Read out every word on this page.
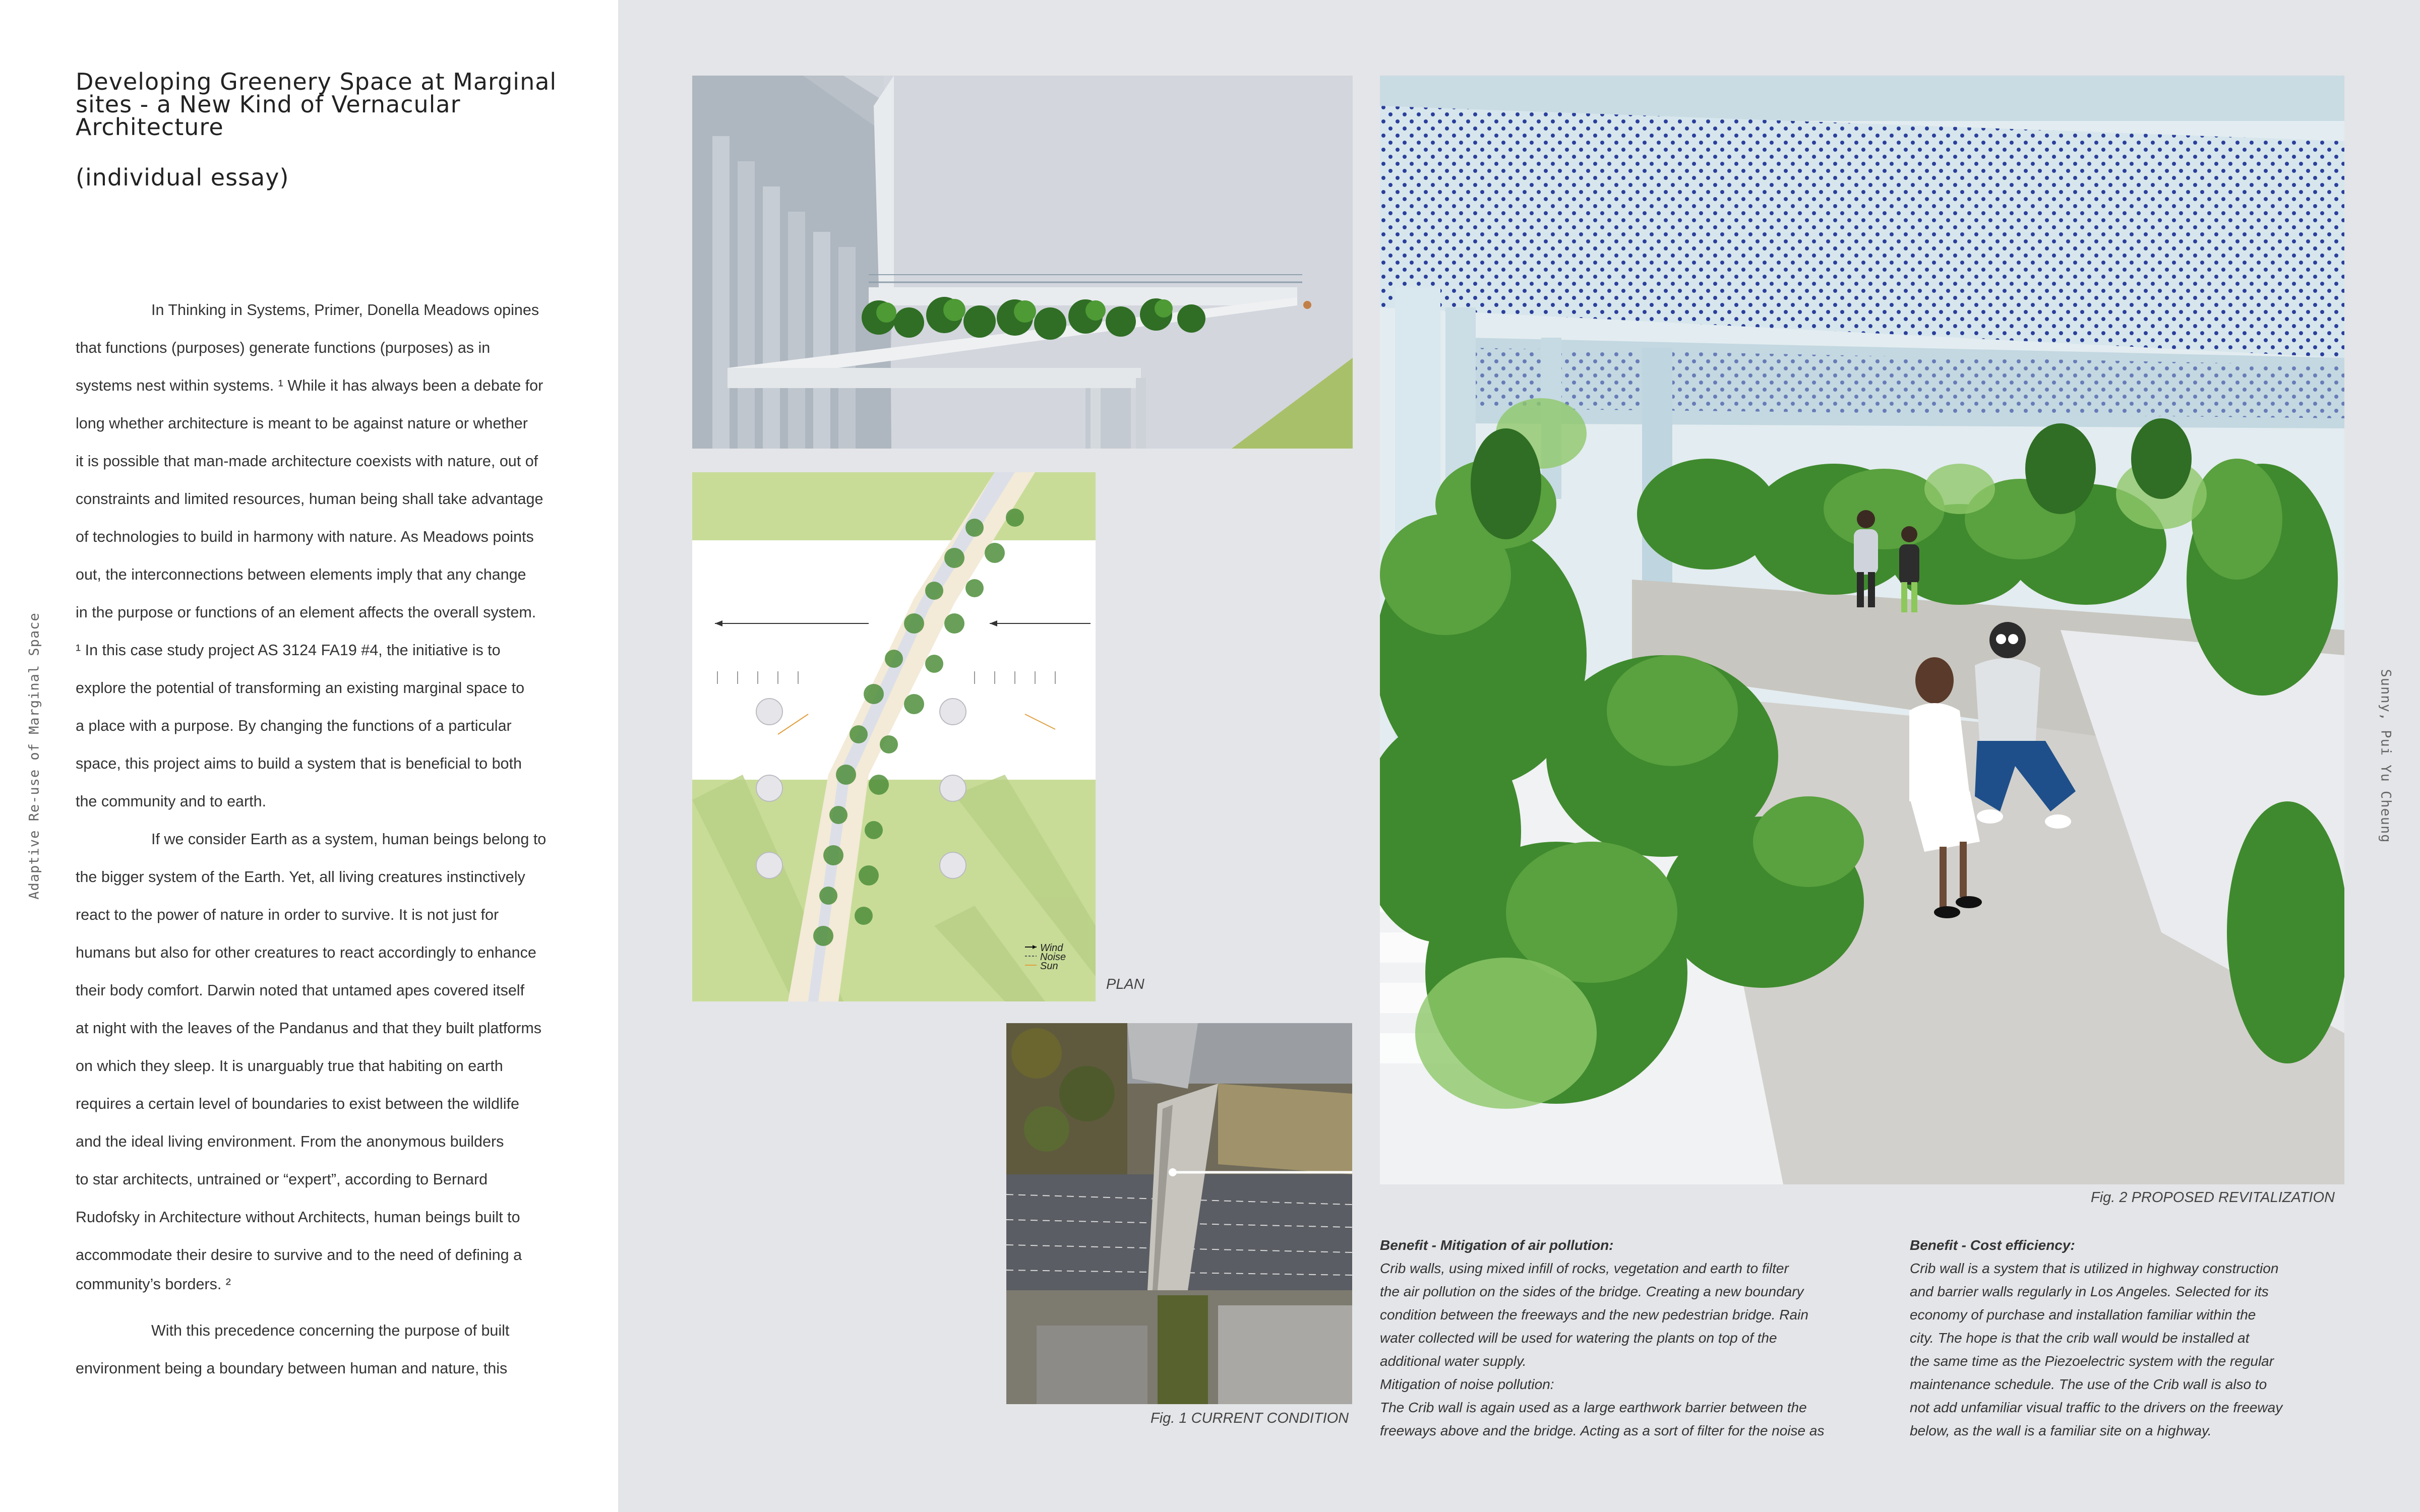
Adaptive Re-use of Marginal Space	Sunny, Pui Yu Cheung
Developing Greenery Space at Marginal
sites - a New Kind of Vernacular
Architecture
(individual essay)

In Thinking in Systems, Primer, Donella Meadows opines
that functions (purposes) generate functions (purposes) as in
systems nest within systems. ¹ While it has always been a debate for
long whether architecture is meant to be against nature or whether
it is possible that man-made architecture coexists with nature, out of
constraints and limited resources, human being shall take advantage
of technologies to build in harmony with nature. As Meadows points
out, the interconnections between elements imply that any change
in the purpose or functions of an element affects the overall system.
¹ In this case study project AS 3124 FA19 #4, the initiative is to
explore the potential of transforming an existing marginal space to
a place with a purpose. By changing the functions of a particular
space, this project aims to build a system that is beneficial to both
the community and to earth.

If we consider Earth as a system, human beings belong to
the bigger system of the Earth. Yet, all living creatures instinctively
react to the power of nature in order to survive. It is not just for
humans but also for other creatures to react accordingly to enhance
their body comfort. Darwin noted that untamed apes covered itself
at night with the leaves of the Pandanus and that they built platforms
on which they sleep. It is unarguably true that habiting on earth
requires a certain level of boundaries to exist between the wildlife
and the ideal living environment. From the anonymous builders
to star architects, untrained or “expert”, according to Bernard
Rudofsky in Architecture without Architects, human beings built to
accommodate their desire to survive and to the need of defining a
community’s borders. ²

With this precedence concerning the purpose of built
environment being a boundary between human and nature, this

Wind
Noise
Sun
PLAN
Fig. 1 CURRENT CONDITION
Fig. 2 PROPOSED REVITALIZATION
Benefit - Mitigation of air pollution:
Crib walls, using mixed infill of rocks, vegetation and earth to filter
the air pollution on the sides of the bridge. Creating a new boundary
condition between the freeways and the new pedestrian bridge. Rain
water collected will be used for watering the plants on top of the
additional water supply.
Mitigation of noise pollution:
The Crib wall is again used as a large earthwork barrier between the
freeways above and the bridge. Acting as a sort of filter for the noise as
Benefit - Cost efficiency:
Crib wall is a system that is utilized in highway construction
and barrier walls regularly in Los Angeles. Selected for its
economy of purchase and installation familiar within the
city. The hope is that the crib wall would be installed at
the same time as the Piezoelectric system with the regular
maintenance schedule. The use of the Crib wall is also to
not add unfamiliar visual traffic to the drivers on the freeway
below, as the wall is a familiar site on a highway.
